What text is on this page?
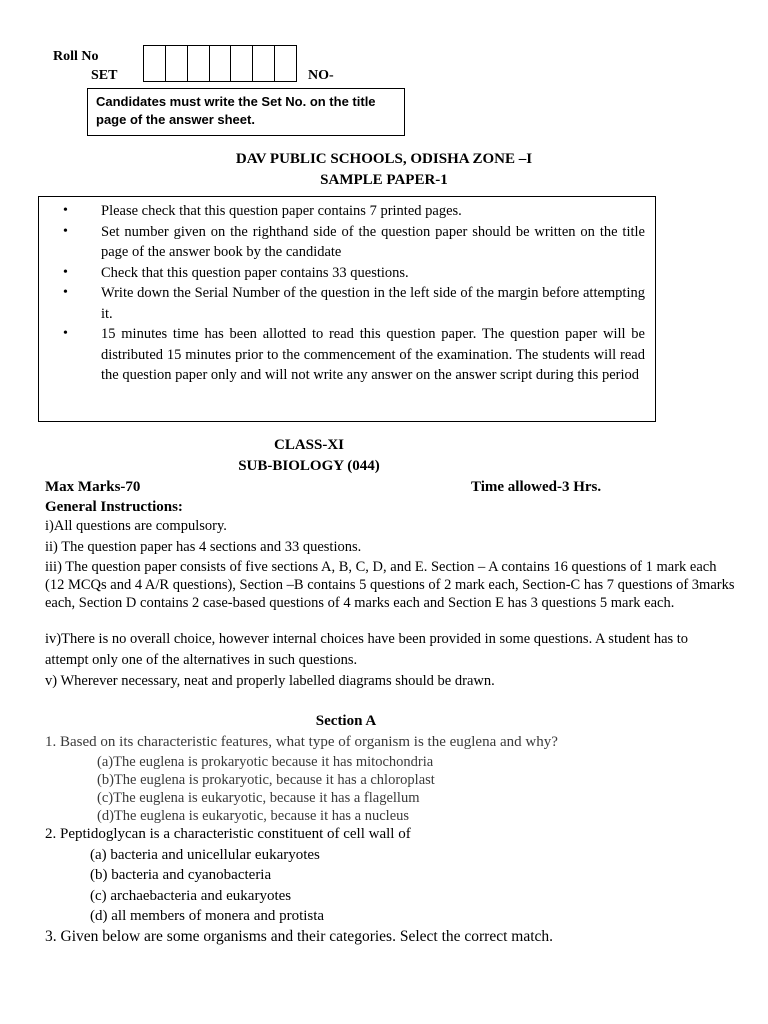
Roll No
SET	NO-
Candidates must write the Set No. on the title page of the answer sheet.
DAV PUBLIC SCHOOLS, ODISHA ZONE –I
SAMPLE PAPER-1
• Please check that this question paper contains 7 printed pages.
• Set number given on the righthand side of the question paper should be written on the title page of the answer book by the candidate
• Check that this question paper contains 33 questions.
• Write down the Serial Number of the question in the left side of the margin before attempting it.
• 15 minutes time has been allotted to read this question paper. The question paper will be distributed 15 minutes prior to the commencement of the examination. The students will read the question paper only and will not write any answer on the answer script during this period
CLASS-XI
SUB-BIOLOGY (044)
Max Marks-70	Time allowed-3 Hrs.
General Instructions:
i)All questions are compulsory.
ii) The question paper has 4 sections and 33 questions.
iii) The question paper consists of five sections A, B, C, D, and E. Section – A contains 16 questions of 1 mark each (12 MCQs and 4 A/R questions), Section –B contains 5 questions of 2 mark each, Section-C has 7 questions of 3marks each, Section D contains 2 case-based questions of 4 marks each and Section E has 3 questions 5 mark each.
iv)There is no overall choice, however internal choices have been provided in some questions. A student has to attempt only one of the alternatives in such questions.
v) Wherever necessary, neat and properly labelled diagrams should be drawn.
Section A
1. Based on its characteristic features, what type of organism is the euglena and why?
(a)The euglena is prokaryotic because it has mitochondria
(b)The euglena is prokaryotic, because it has a chloroplast
(c)The euglena is eukaryotic, because it has a flagellum
(d)The euglena is eukaryotic, because it has a nucleus
2. Peptidoglycan is a characteristic constituent of cell wall of
(a) bacteria and unicellular eukaryotes
(b) bacteria and cyanobacteria
(c) archaebacteria and eukaryotes
(d) all members of monera and protista
3. Given below are some organisms and their categories. Select the correct match.
